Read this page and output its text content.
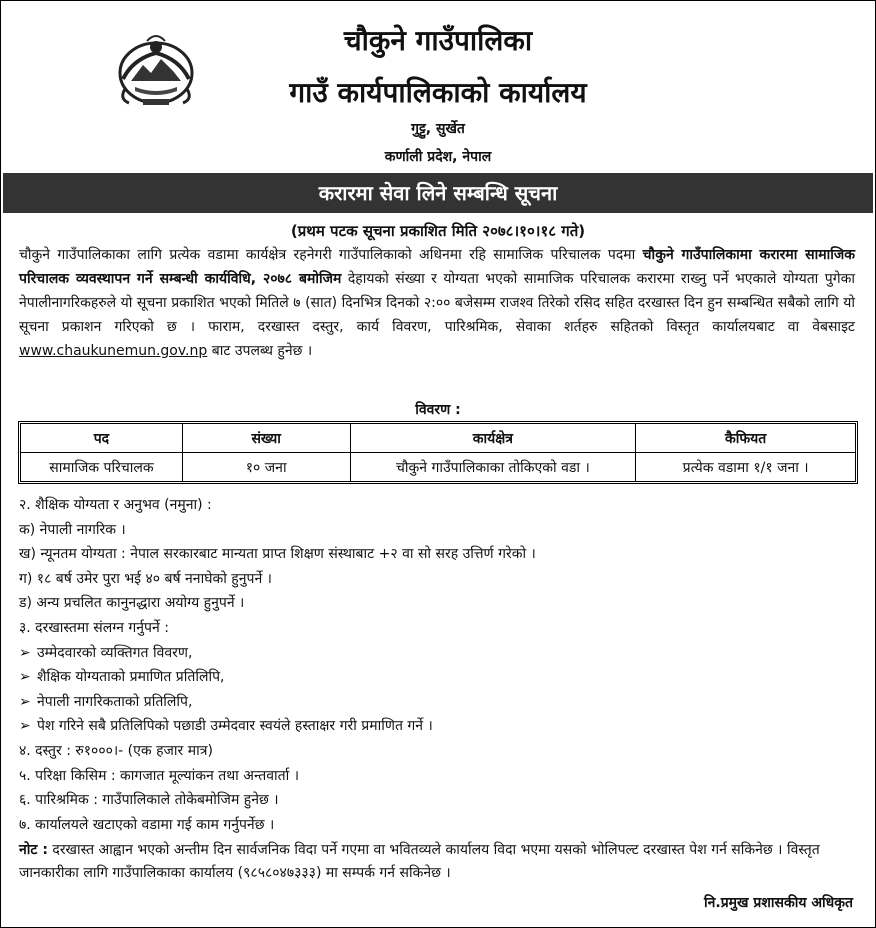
चौकुने गाउँपालिका
गाउँ कार्यपालिकाको कार्यालय
गुट्टु, सुर्खेत
कर्णाली प्रदेश, नेपाल
करारमा सेवा लिने सम्बन्धि सूचना
(प्रथम पटक सूचना प्रकाशित मिति २०७८।१०।१८ गते)

चौकुने गाउँपालिकाका लागि प्रत्येक वडामा कार्यक्षेत्र रहनेगरी गाउँपालिकाको अधिनमा रहि सामाजिक परिचालक पदमा चौकुने गाउँपालिकामा करारमा सामाजिक परिचालक व्यवस्थापन गर्ने सम्बन्धी कार्यविधि, २०७८ बमोजिम देहायको संख्या र योग्यता भएको सामाजिक परिचालक करारमा राख्नु पर्ने भएकाले योग्यता पुगेका नेपालीनागरिकहरुले यो सूचना प्रकाशित भएको मितिले ७ (सात) दिनभित्र दिनको २:०० बजेसम्म राजश्व तिरेको रसिद सहित दरखास्त दिन हुन सम्बन्धित सबैको लागि यो सूचना प्रकाशन गरिएको छ । फाराम, दरखास्त दस्तुर, कार्य विवरण, पारिश्रमिक, सेवाका शर्तहरु सहितको विस्तृत कार्यालयबाट वा वेबसाइट www.chaukunemun.gov.np बाट उपलब्ध हुनेछ ।

विवरण :
पद	संख्या	कार्यक्षेत्र	कैफियत
सामाजिक परिचालक	१० जना	चौकुने गाउँपालिकाका तोकिएको वडा ।	प्रत्येक वडामा १/१ जना ।
२. शैक्षिक योग्यता र अनुभव (नमुना) :
क) नेपाली नागरिक ।
ख) न्यूनतम योग्यता : नेपाल सरकारबाट मान्यता प्राप्त शिक्षण संस्थाबाट +२ वा सो सरह उत्तिर्ण गरेको ।
ग) १८ बर्ष उमेर पुरा भई ४० बर्ष ननाघेको हुनुपर्ने ।
ड) अन्य प्रचलित कानुनद्धारा अयोग्य हुनुपर्ने ।
३. दरखास्तमा संलग्न गर्नुपर्ने :
➢ उम्मेदवारको व्यक्तिगत विवरण,
➢ शैक्षिक योग्यताको प्रमाणित प्रतिलिपि,
➢ नेपाली नागरिकताको प्रतिलिपि,
➢ पेश गरिने सबै प्रतिलिपिको पछाडी उम्मेदवार स्वयंले हस्ताक्षर गरी प्रमाणित गर्ने ।
४. दस्तुर : रु१०००।- (एक हजार मात्र)
५. परिक्षा किसिम : कागजात मूल्यांकन तथा अन्तवार्ता ।
६. पारिश्रमिक : गाउँपालिकाले तोकेबमोजिम हुनेछ ।
७. कार्यालयले खटाएको वडामा गई काम गर्नुपर्नेछ ।
नोट : दरखास्त आह्वान भएको अन्तीम दिन सार्वजनिक विदा पर्ने गएमा वा भवितव्यले कार्यालय विदा भएमा यसको भोलिपल्ट दरखास्त पेश गर्न सकिनेछ । विस्तृत जानकारीका लागि गाउँपालिकाका कार्यालय (९८५८०४७३३३) मा सम्पर्क गर्न सकिनेछ ।
नि.प्रमुख प्रशासकीय अधिकृत
